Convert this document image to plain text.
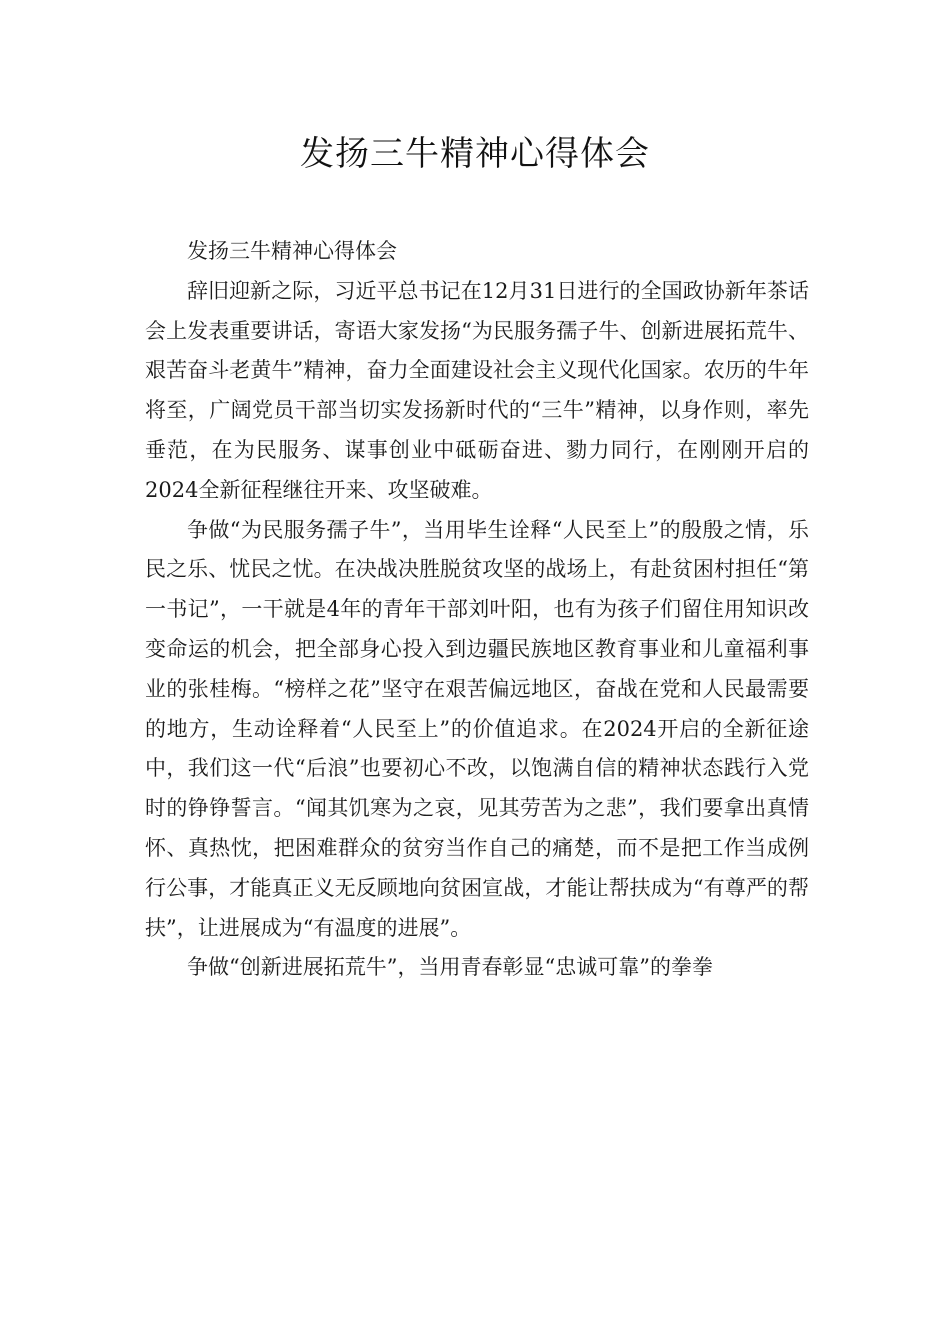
发扬三牛精神心得体会

发扬三牛精神心得体会

辞旧迎新之际，习近平总书记在12月31日进行的全国政协新年茶话会上发表重要讲话，寄语大家发扬“为民服务孺子牛、创新进展拓荒牛、艰苦奋斗老黄牛”精神，奋力全面建设社会主义现代化国家。农历的牛年将至，广阔党员干部当切实发扬新时代的“三牛”精神，以身作则，率先垂范，在为民服务、谋事创业中砥砺奋进、勠力同行，在刚刚开启的2024全新征程继往开来、攻坚破难。

争做“为民服务孺子牛”，当用毕生诠释“人民至上”的殷殷之情，乐民之乐、忧民之忧。在决战决胜脱贫攻坚的战场上，有赴贫困村担任“第一书记”，一干就是4年的青年干部刘叶阳，也有为孩子们留住用知识改变命运的机会，把全部身心投入到边疆民族地区教育事业和儿童福利事业的张桂梅。“榜样之花”坚守在艰苦偏远地区，奋战在党和人民最需要的地方，生动诠释着“人民至上”的价值追求。在2024开启的全新征途中，我们这一代“后浪”也要初心不改，以饱满自信的精神状态践行入党时的铮铮誓言。“闻其饥寒为之哀，见其劳苦为之悲”，我们要拿出真情怀、真热忱，把困难群众的贫穷当作自己的痛楚，而不是把工作当成例行公事，才能真正义无反顾地向贫困宣战，才能让帮扶成为“有尊严的帮扶”，让进展成为“有温度的进展”。

争做“创新进展拓荒牛”，当用青春彰显“忠诚可靠”的拳拳
